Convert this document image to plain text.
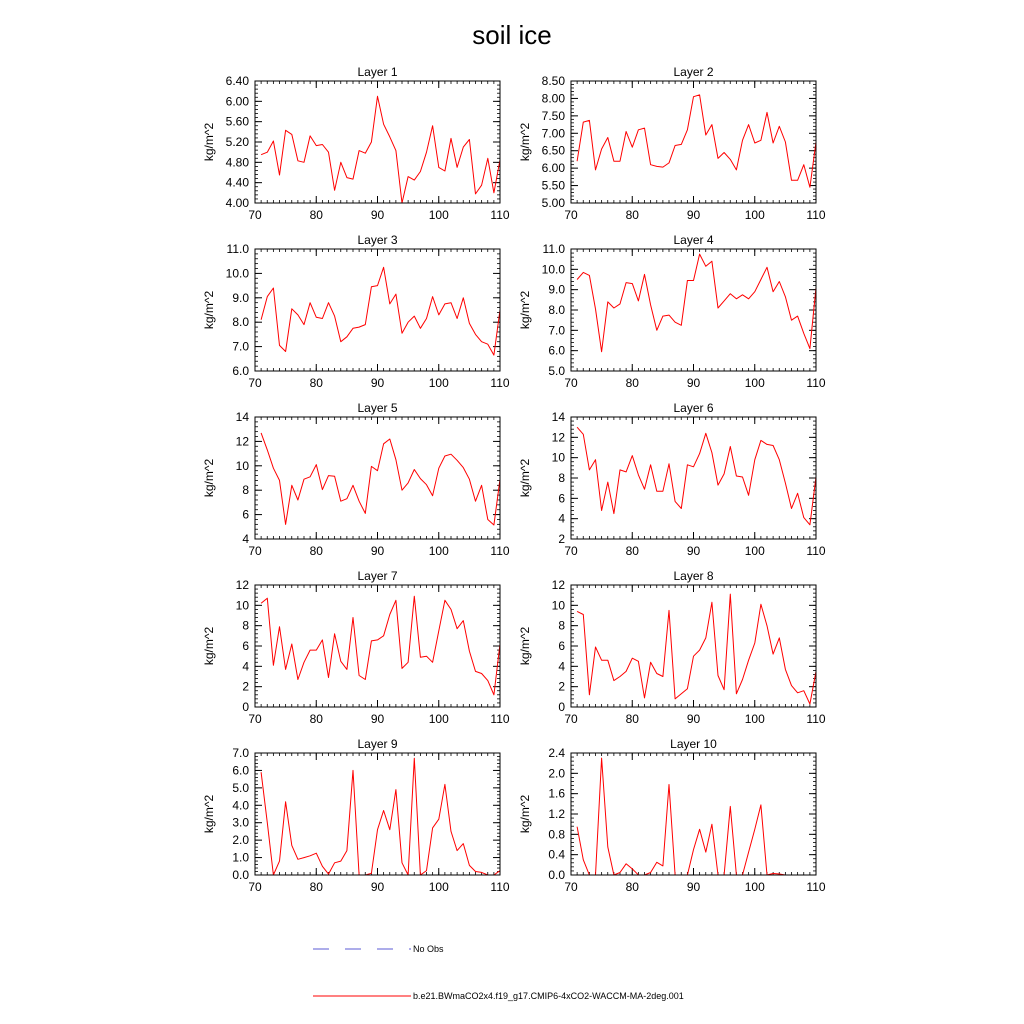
soil ice
Layer 1
kg/m^2
70	80	90	100	110
4.00
4.40
4.80
5.20
5.60
6.00
6.40
Layer 2
kg/m^2
70	80	90	100	110
5.00
5.50
6.00
6.50
7.00
7.50
8.00
8.50
Layer 3
kg/m^2
70	80	90	100	110
6.0
7.0
8.0
9.0
10.0
11.0
Layer 4
kg/m^2
70	80	90	100	110
5.0
6.0
7.0
8.0
9.0
10.0
11.0
Layer 5
kg/m^2
70	80	90	100	110
4
6
8
10
12
14
Layer 6
kg/m^2
70	80	90	100	110
2
4
6
8
10
12
14
Layer 7
kg/m^2
70	80	90	100	110
0
2
4
6
8
10
12
Layer 8
kg/m^2
70	80	90	100	110
0
2
4
6
8
10
12
Layer 9
kg/m^2
70	80	90	100	110
0.0
1.0
2.0
3.0
4.0
5.0
6.0
7.0
Layer 10
kg/m^2
70	80	90	100	110
0.0
0.4
0.8
1.2
1.6
2.0
2.4
No Obs
b.e21.BWmaCO2x4.f19_g17.CMIP6-4xCO2-WACCM-MA-2deg.001
